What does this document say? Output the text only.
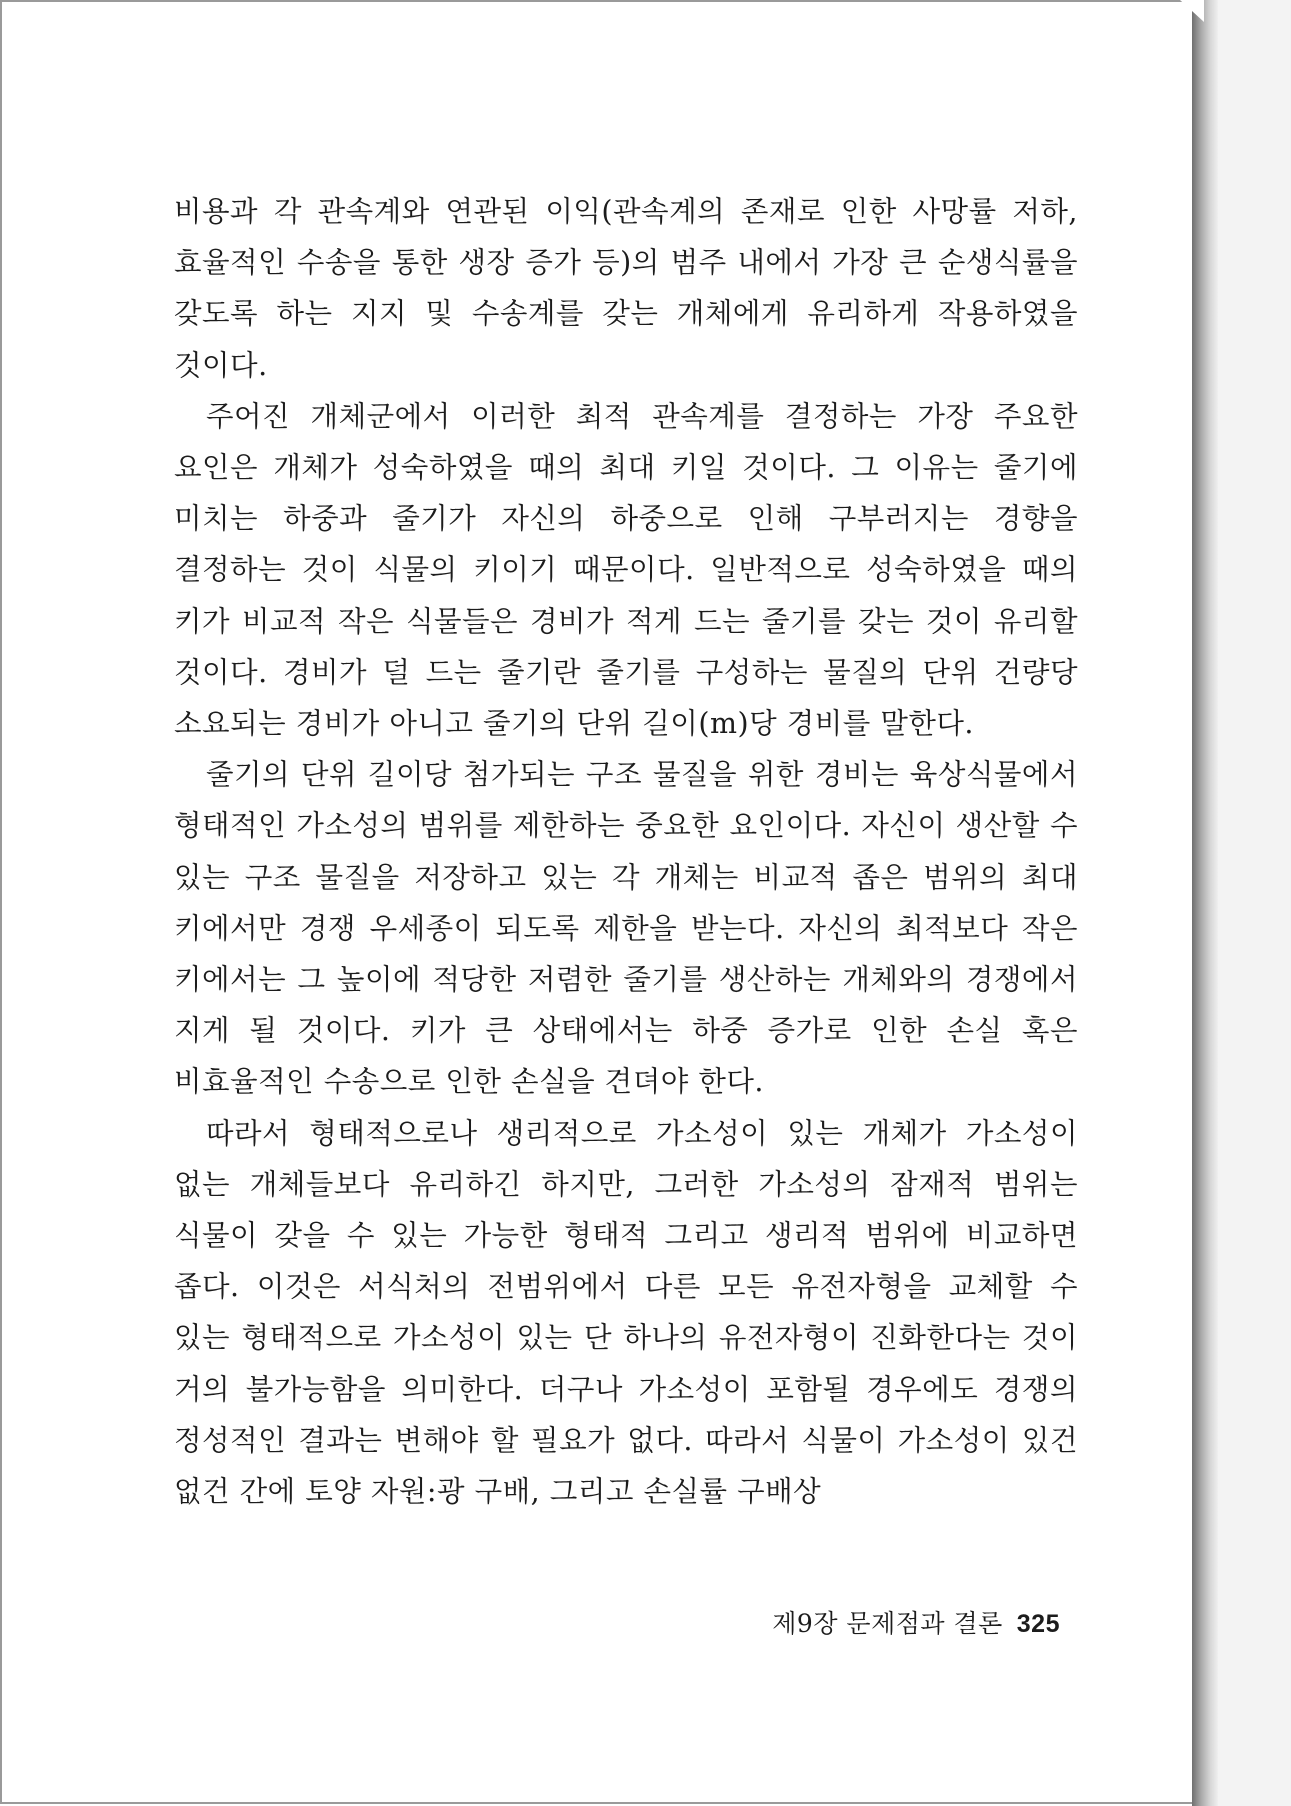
비용과 각 관속계와 연관된 이익(관속계의 존재로 인한 사망률 저하, 효율적인 수송을 통한 생장 증가 등)의 범주 내에서 가장 큰 순생식률을 갖도록 하는 지지 및 수송계를 갖는 개체에게 유리하게 작용하였을 것이다.

주어진 개체군에서 이러한 최적 관속계를 결정하는 가장 주요한 요인은 개체가 성숙하였을 때의 최대 키일 것이다. 그 이유는 줄기에 미치는 하중과 줄기가 자신의 하중으로 인해 구부러지는 경향을 결정하는 것이 식물의 키이기 때문이다. 일반적으로 성숙하였을 때의 키가 비교적 작은 식물들은 경비가 적게 드는 줄기를 갖는 것이 유리할 것이다. 경비가 덜 드는 줄기란 줄기를 구성하는 물질의 단위 건량당 소요되는 경비가 아니고 줄기의 단위 길이(m)당 경비를 말한다.

줄기의 단위 길이당 첨가되는 구조 물질을 위한 경비는 육상식물에서 형태적인 가소성의 범위를 제한하는 중요한 요인이다. 자신이 생산할 수 있는 구조 물질을 저장하고 있는 각 개체는 비교적 좁은 범위의 최대 키에서만 경쟁 우세종이 되도록 제한을 받는다. 자신의 최적보다 작은 키에서는 그 높이에 적당한 저렴한 줄기를 생산하는 개체와의 경쟁에서 지게 될 것이다. 키가 큰 상태에서는 하중 증가로 인한 손실 혹은 비효율적인 수송으로 인한 손실을 견뎌야 한다.

따라서 형태적으로나 생리적으로 가소성이 있는 개체가 가소성이 없는 개체들보다 유리하긴 하지만, 그러한 가소성의 잠재적 범위는 식물이 갖을 수 있는 가능한 형태적 그리고 생리적 범위에 비교하면 좁다. 이것은 서식처의 전범위에서 다른 모든 유전자형을 교체할 수 있는 형태적으로 가소성이 있는 단 하나의 유전자형이 진화한다는 것이 거의 불가능함을 의미한다. 더구나 가소성이 포함될 경우에도 경쟁의 정성적인 결과는 변해야 할 필요가 없다. 따라서 식물이 가소성이 있건 없건 간에 토양 자원:광 구배, 그리고 손실률 구배상

제9장 문제점과 결론 325
